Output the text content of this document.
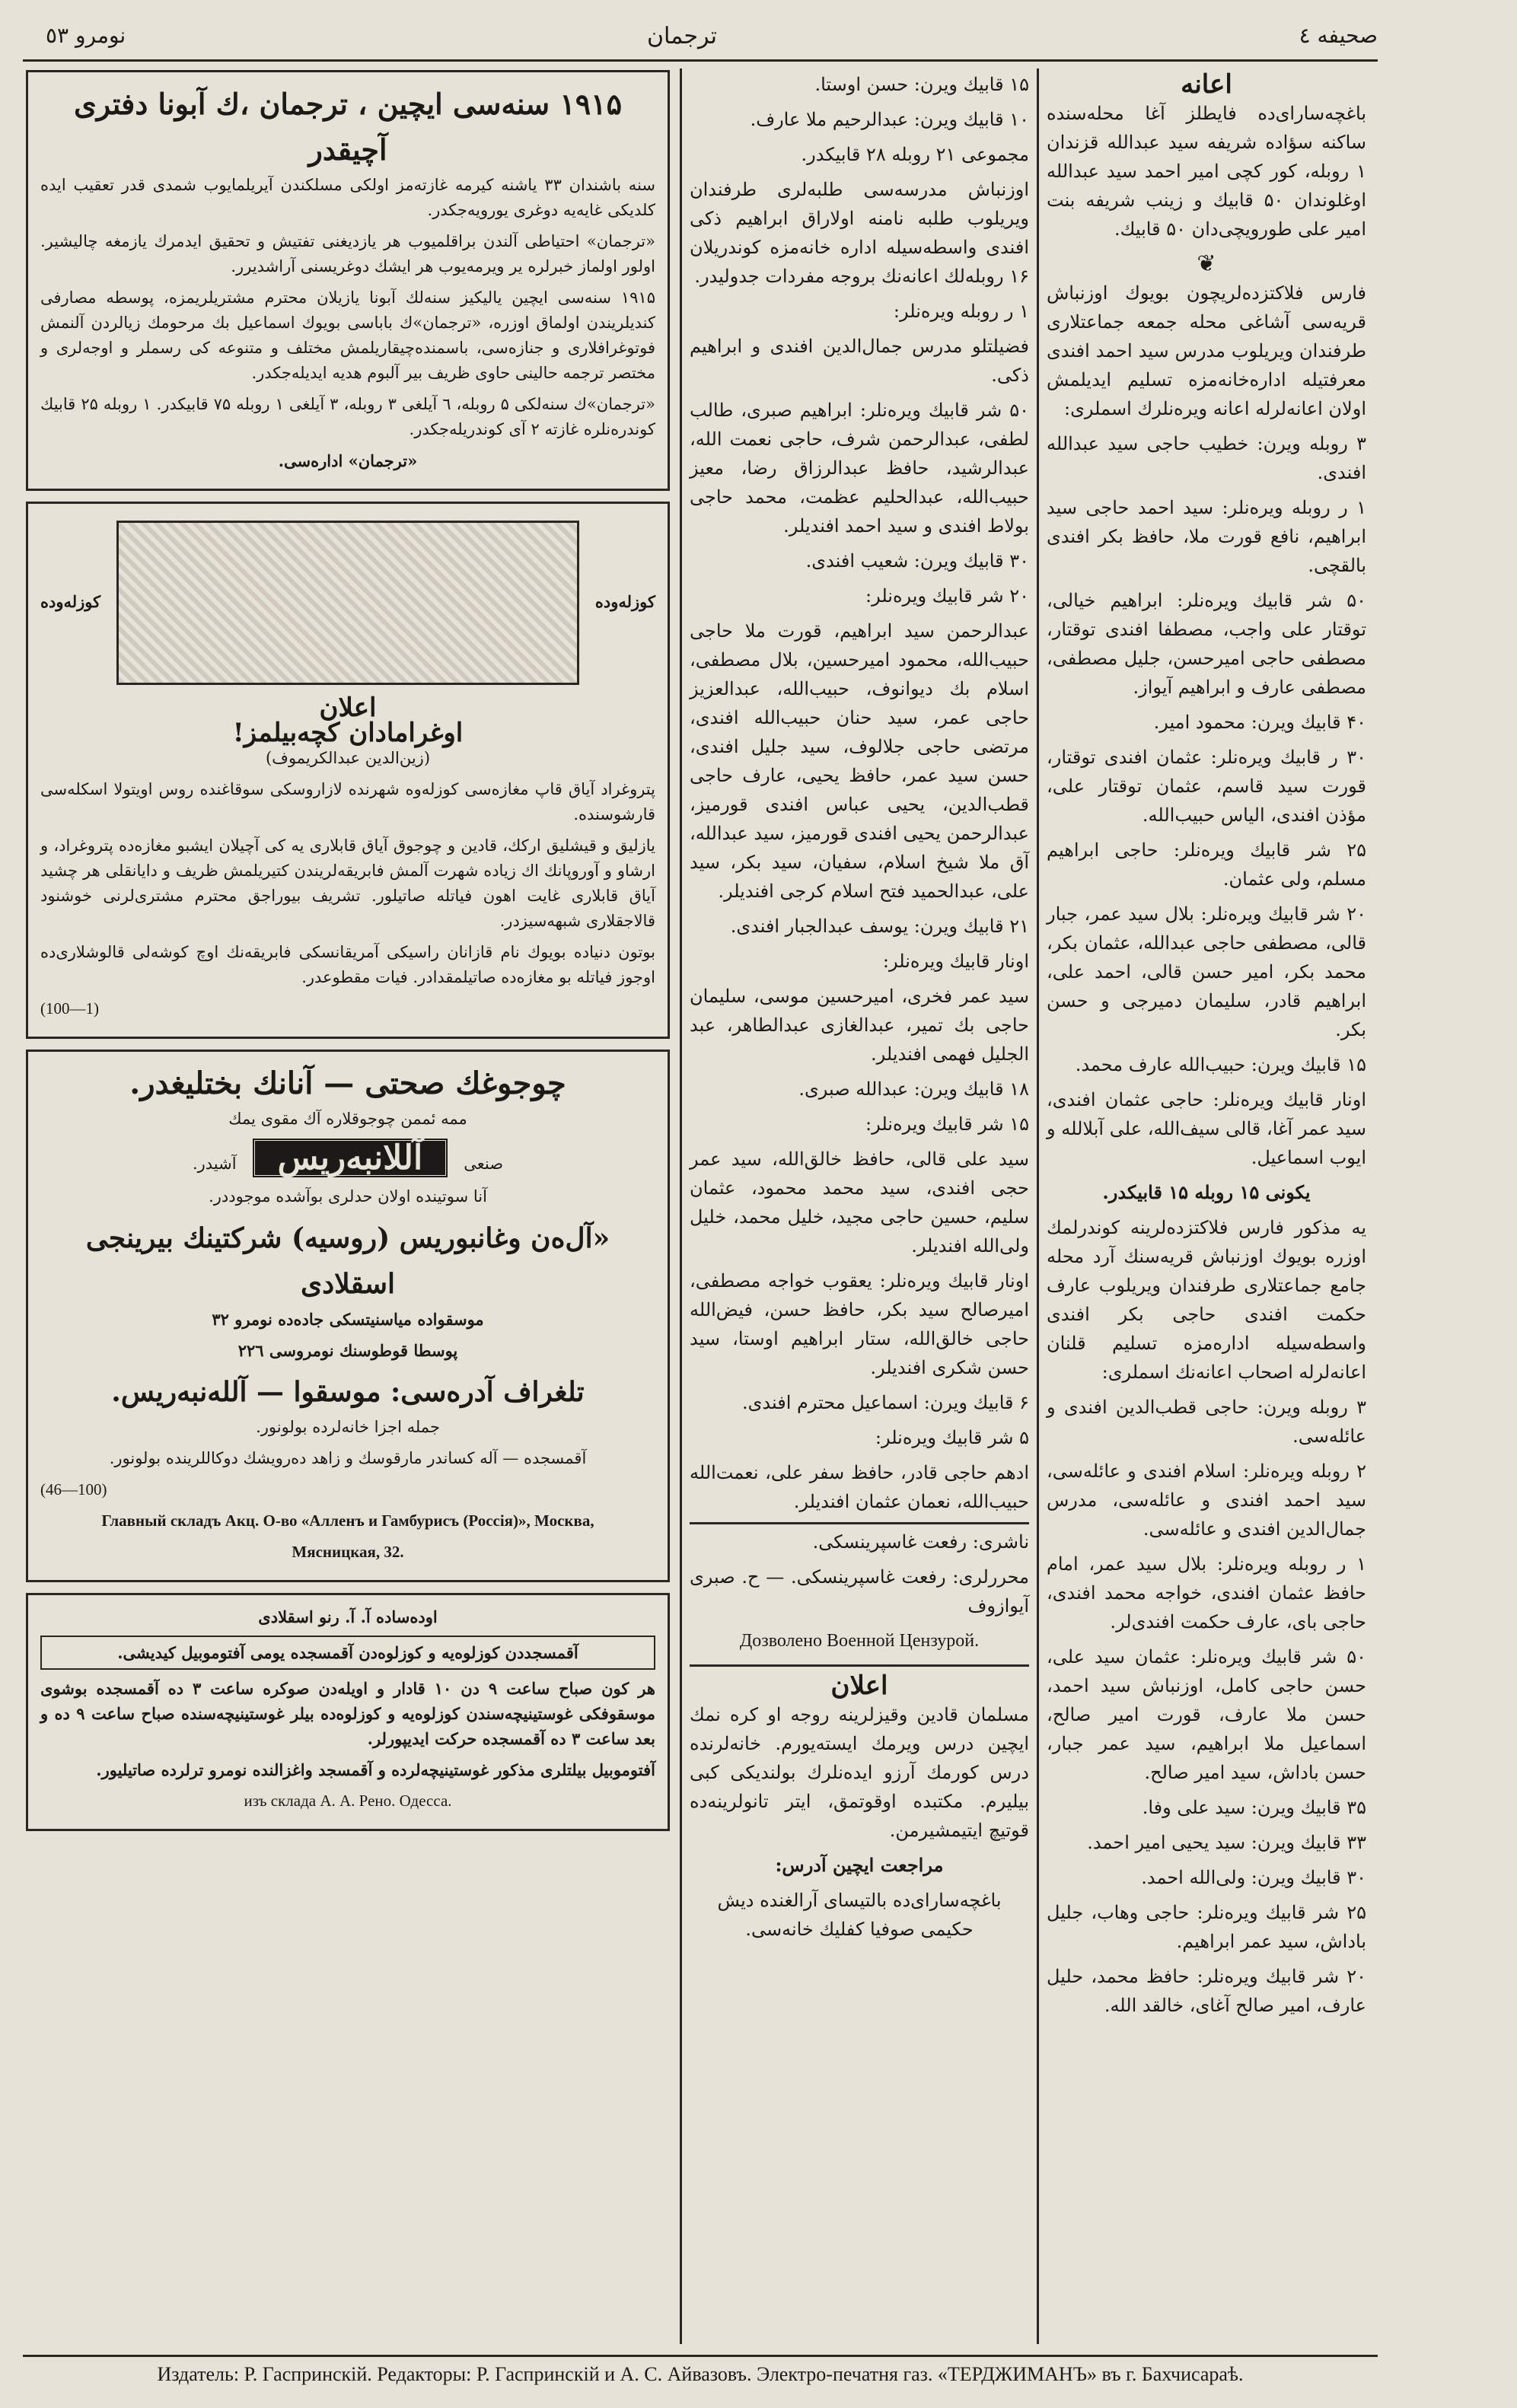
نومرو ٥٣	ترجمان	صحیفه ٤
اعانه

باغچه‌سارای‌ده فایطلز آغا محله‌سنده ساکنه سؤاده شریفه سید عبدالله قزندان ۱ روبله، کور کچی امیر احمد سید عبدالله اوغلوندان ۵۰ قابیك و زینب شریفه بنت امیر علی طورویچی‌دان ۵۰ قابیك.

❦

فارس فلاکتزده‌لریچون بویوك اوزنباش قریه‌سی آشاغی محله جمعه جماعتلاری طرفندان ویریلوب مدرس سید احمد افندی معرفتیله اداره‌خانه‌مزه تسلیم ایدیلمش اولان اعانه‌لرله اعانه ویره‌نلرك اسملری:

۳ روبله ویرن: خطیب حاجی سید عبدالله افندی.

۱ ر روبله ویره‌نلر: سید احمد حاجی سید ابراهیم، نافع قورت ملا، حافظ بکر افندی بالقچی.

۵۰ شر قابیك ویره‌نلر: ابراهیم خیالی، توقتار علی واجب، مصطفا افندی توقتار، مصطفی حاجی امیرحسن، جلیل مصطفی، مصطفی عارف و ابراهیم آیواز.

۴۰ قابیك ویرن: محمود امیر.

۳۰ ر قابیك ویره‌نلر: عثمان افندی توقتار، قورت سید قاسم، عثمان توقتار علی، مؤذن افندی، الیاس حبیب‌الله.

۲۵ شر قابیك ویره‌نلر: حاجی ابراهیم مسلم، ولی عثمان.

۲۰ شر قابیك ویره‌نلر: بلال سید عمر، جبار قالی، مصطفی حاجی عبدالله، عثمان بکر، محمد بکر، امیر حسن قالی، احمد علی، ابراهیم قادر، سلیمان دمیرجی و حسن بکر.

۱۵ قابیك ویرن: حبیب‌الله عارف محمد.

اونار قابیك ویره‌نلر: حاجی عثمان افندی، سید عمر آغا، قالی سیف‌الله، علی آبلالله و ایوب اسماعیل.

یکونی ۱۵ روبله ۱۵ قابیکدر.

یه مذکور فارس فلاکتزده‌لرینه کوندرلمك اوزره بویوك اوزنباش قریه‌سنك آرد محله جامع جماعتلاری طرفندان ویریلوب عارف حکمت افندی حاجی بکر افندی واسطه‌سیله اداره‌مزه تسلیم قلنان اعانه‌لرله اصحاب اعانه‌نك اسملری:

۳ روبله ویرن: حاجی قطب‌الدین افندی و عائله‌سی.

۲ روبله ویره‌نلر: اسلام افندی و عائله‌سی، سید احمد افندی و عائله‌سی، مدرس جمال‌الدین افندی و عائله‌سی.

۱ ر روبله ویره‌نلر: بلال سید عمر، امام حافظ عثمان افندی، خواجه محمد افندی، حاجی بای، عارف حکمت افندی‌لر.

۵۰ شر قابیك ویره‌نلر: عثمان سید علی، حسن حاجی کامل، اوزنباش سید احمد، حسن ملا عارف، قورت امیر صالح، اسماعیل ملا ابراهیم، سید عمر جبار، حسن باداش، سید امیر صالح.

۳۵ قابیك ویرن: سید علی وفا.

۳۳ قابیك ویرن: سید یحیی امیر احمد.

۳۰ قابیك ویرن: ولی‌الله احمد.

۲۵ شر قابیك ویره‌نلر: حاجی وهاب، جلیل باداش، سید عمر ابراهیم.

۲۰ شر قابیك ویره‌نلر: حافظ محمد، حلیل عارف، امیر صالح آغای، خالقد الله.

۱۵ قابیك ویرن: حسن اوستا.

۱۰ قابیك ویرن: عبدالرحیم ملا عارف.

مجموعی ۲۱ روبله ۲۸ قابیکدر.

اوزنباش مدرسه‌سی طلبه‌لری طرفندان ویریلوب طلبه نامنه اولاراق ابراهیم ذکی افندی واسطه‌سیله اداره خانه‌مزه کوندریلان ۱۶ روبله‌لك اعانه‌نك بروجه مفردات جدولیدر.

۱ ر روبله ویره‌نلر:

فضیلتلو مدرس جمال‌الدین افندی و ابراهیم ذکی.

۵۰ شر قابیك ویره‌نلر: ابراهیم صبری، طالب لطفی، عبدالرحمن شرف، حاجی نعمت الله، عبدالرشید، حافظ عبدالرزاق رضا، معیز حبیب‌الله، عبدالحلیم عظمت، محمد حاجی بولاط افندی و سید احمد افندیلر.

۳۰ قابیك ویرن: شعیب افندی.

۲۰ شر قابیك ویره‌نلر:

عبدالرحمن سید ابراهیم، قورت ملا حاجی حبیب‌الله، محمود امیرحسین، بلال مصطفی، اسلام بك دیوانوف، حبیب‌الله، عبدالعزیز حاجی عمر، سید حنان حبیب‌الله افندی، مرتضی حاجی جلالوف، سید جلیل افندی، حسن سید عمر، حافظ یحیی، عارف حاجی قطب‌الدین، یحیی عباس افندی قورمیز، عبدالرحمن یحیی افندی قورمیز، سید عبدالله، آق ملا شیخ اسلام، سفیان، سید بکر، سید علی، عبدالحمید فتح اسلام کرجی افندیلر.

۲۱ قابیك ویرن: یوسف عبدالجبار افندی.

اونار قابیك ویره‌نلر:

سید عمر فخری، امیرحسین موسی، سلیمان حاجی بك تمیر، عبدالغازی عبدالطاهر، عبد الجلیل فهمی افندیلر.

۱۸ قابیك ویرن: عبدالله صبری.

۱۵ شر قابیك ویره‌نلر:

سید علی قالی، حافظ خالق‌الله، سید عمر حجی افندی، سید محمد محمود، عثمان سلیم، حسین حاجی مجید، خلیل محمد، خلیل ولی‌الله افندیلر.

اونار قابیك ویره‌نلر: یعقوب خواجه مصطفی، امیرصالح سید بکر، حافظ حسن، فیض‌الله حاجی خالق‌الله، ستار ابراهیم اوستا، سید حسن شکری افندیلر.

۶ قابیك ویرن: اسماعیل محترم افندی.

۵ شر قابیك ویره‌نلر:

ادهم حاجی قادر، حافظ سفر علی، نعمت‌الله حبیب‌الله، نعمان عثمان افندیلر.

ناشری: رفعت غاسپرینسکی.

محررلری: رفعت غاسپرینسکی. — ح. صبری آیوازوف

Дозволено Военной Цензурой.

اعلان

مسلمان قادین وقیزلرینه روجه او کره نمك ایچین درس ویرمك ایسته‌یورم. خانه‌لرنده درس کورمك آرزو ایده‌نلرك بولندیکی کبی بیلیرم. مکتبده اوقوتمق، ایتر تانولرینه‌ده قوتیچ ایتیمشیرمن.

مراجعت ایچین آدرس:

باغچه‌سارای‌ده بالتیسای آرالغنده دیش حکیمی صوفیا کفلیك خانه‌سی.

۱۹۱۵ سنه‌سی ایچین ، ترجمان ،‌ك آبونا دفتری آچیقدر

سنه باشندان ۳۳ یاشنه کیرمه غازته‌مز اولکی مسلکندن آیریلمایوب شمدی قدر تعقیب ایده کلدیکی غایه‌یه دوغری یورویه‌جکدر.

«ترجمان» احتیاطی آلندن براقلمیوب هر یازدیغنی تفتیش و تحقیق ایدمرك یازمغه چالیشیر. اولور اولماز خبرلره یر ویرمه‌یوب هر ایشك دوغریسنی آراشدیرر.

۱۹۱۵ سنه‌سی ایچین یالیکیز سنه‌لك آبونا یازیلان محترم مشتریلریمزه، پوسطه مصارفی کندیلریندن اولماق اوزره، «ترجمان»‌ك باباسی بویوك اسماعیل بك مرحومك زیالردن آلنمش فوتوغرافلاری و جنازه‌سی، باسمنده‌چیقاریلمش مختلف و متنوعه کی رسملر و اوجه‌لری و مختصر ترجمه حالینی حاوی ظریف بیر آلبوم هدیه ایدیله‌جکدر.

«ترجمان»‌ك سنه‌لکی ۵ روبله، ٦ آیلغی ۳ روبله، ۳ آیلغی ۱ روبله ۷۵ قابیکدر. ۱ روبله ۲۵ قابیك کوندره‌نلره غازته ۲ آی کوندریله‌جکدر.

«ترجمان» اداره‌سی.

کوزله‌وده
کوزله‌وده
اعلان
اوغرامادان کچه‌بیلمز!

(زین‌الدین عبدالکریموف)

پتروغراد آیاق قاپ مغازه‌سی کوزله‌وه شهرنده لازاروسکی سوقاغنده روس اویتولا اسکله‌سی قارشوسنده.

یازلیق و قیشلیق ارکك، قادین و چوجوق آیاق قابلاری یه کی آچیلان ایشبو مغازه‌ده پتروغراد، و ارشاو و آوروپانك اك زیاده شهرت آلمش فابریقه‌لریندن کتیریلمش ظریف و دایانقلی هر چشید آیاق قابلاری غایت اهون فیاتله صاتیلور. تشریف بیوراجق محترم مشتری‌لرنی خوشنود قالاجقلاری شبهه‌سیزدر.

بوتون دنیاده بویوك نام قازانان راسیکی آمریقانسکی فابریقه‌نك اوچ کوشه‌لی قالوشلاری‌ده اوجوز فیاتله بو مغازه‌ده صاتیلمقدادر. فیات مقطوعدر.

(100—1)

چوجوغك صحتی — آنانك بختلیغدر.

ممه ئممن چوجوقلاره آك مقوی یمك

صنعی   آللانبه‌ریس   آشیدر.

آنا سوتینده اولان حدلری بوآشده موجوددر.

«آل‌ه‌ن وغانبوریس (روسیه) شرکتینك بیرینجی اسقلادی

موسقواده میاسنیتسکی جاده‌ده نومرو ۳۲

پوسطا قوطوسنك نومروسی ۲۲٦

تلغراف آدره‌سی: موسقوا — آلله‌نبه‌ریس.

جمله اجزا خانه‌لرده بولونور.

آقمسجده — آله کساندر مارقوسك و زاهد دەرویشك دوکاللرینده بولونور.

(46—100)

Главный складъ Акц. О-во «Алленъ и Гамбурисъ (Россія)», Москва,

Мясницкая, 32.

اوده‌ساده آ. آ. رنو اسقلادی

آقمسجددن کوزلوه‌یه و کوزلوه‌دن آقمسجده یومی آفتوموبیل کیدیشی.

هر کون صباح ساعت ۹ دن ۱۰ قادار و اویله‌دن صوکره ساعت ۳ ده آقمسجده بوشوی موسقوفکی غوستینیچه‌سندن کوزلوه‌یه و کوزلوه‌ده بیلر غوستینیچه‌سنده صباح ساعت ۹ ده و بعد ساعت ۳ ده آقمسجده حرکت ایدیپورلر.

آفتوموبیل بیلتلری مذکور غوستینیچه‌لرده و آقمسجد واغزالنده نومرو ترلرده صاتیلیور.

изъ склада А. А. Рено. Одесса.

Издатель: Р. Гаспринскій. Редакторы: Р. Гаспринскій и А. С. Айвазовъ. Электро-печатня газ. «ТЕРДЖИМАНЪ» въ г. Бахчисараѣ.
